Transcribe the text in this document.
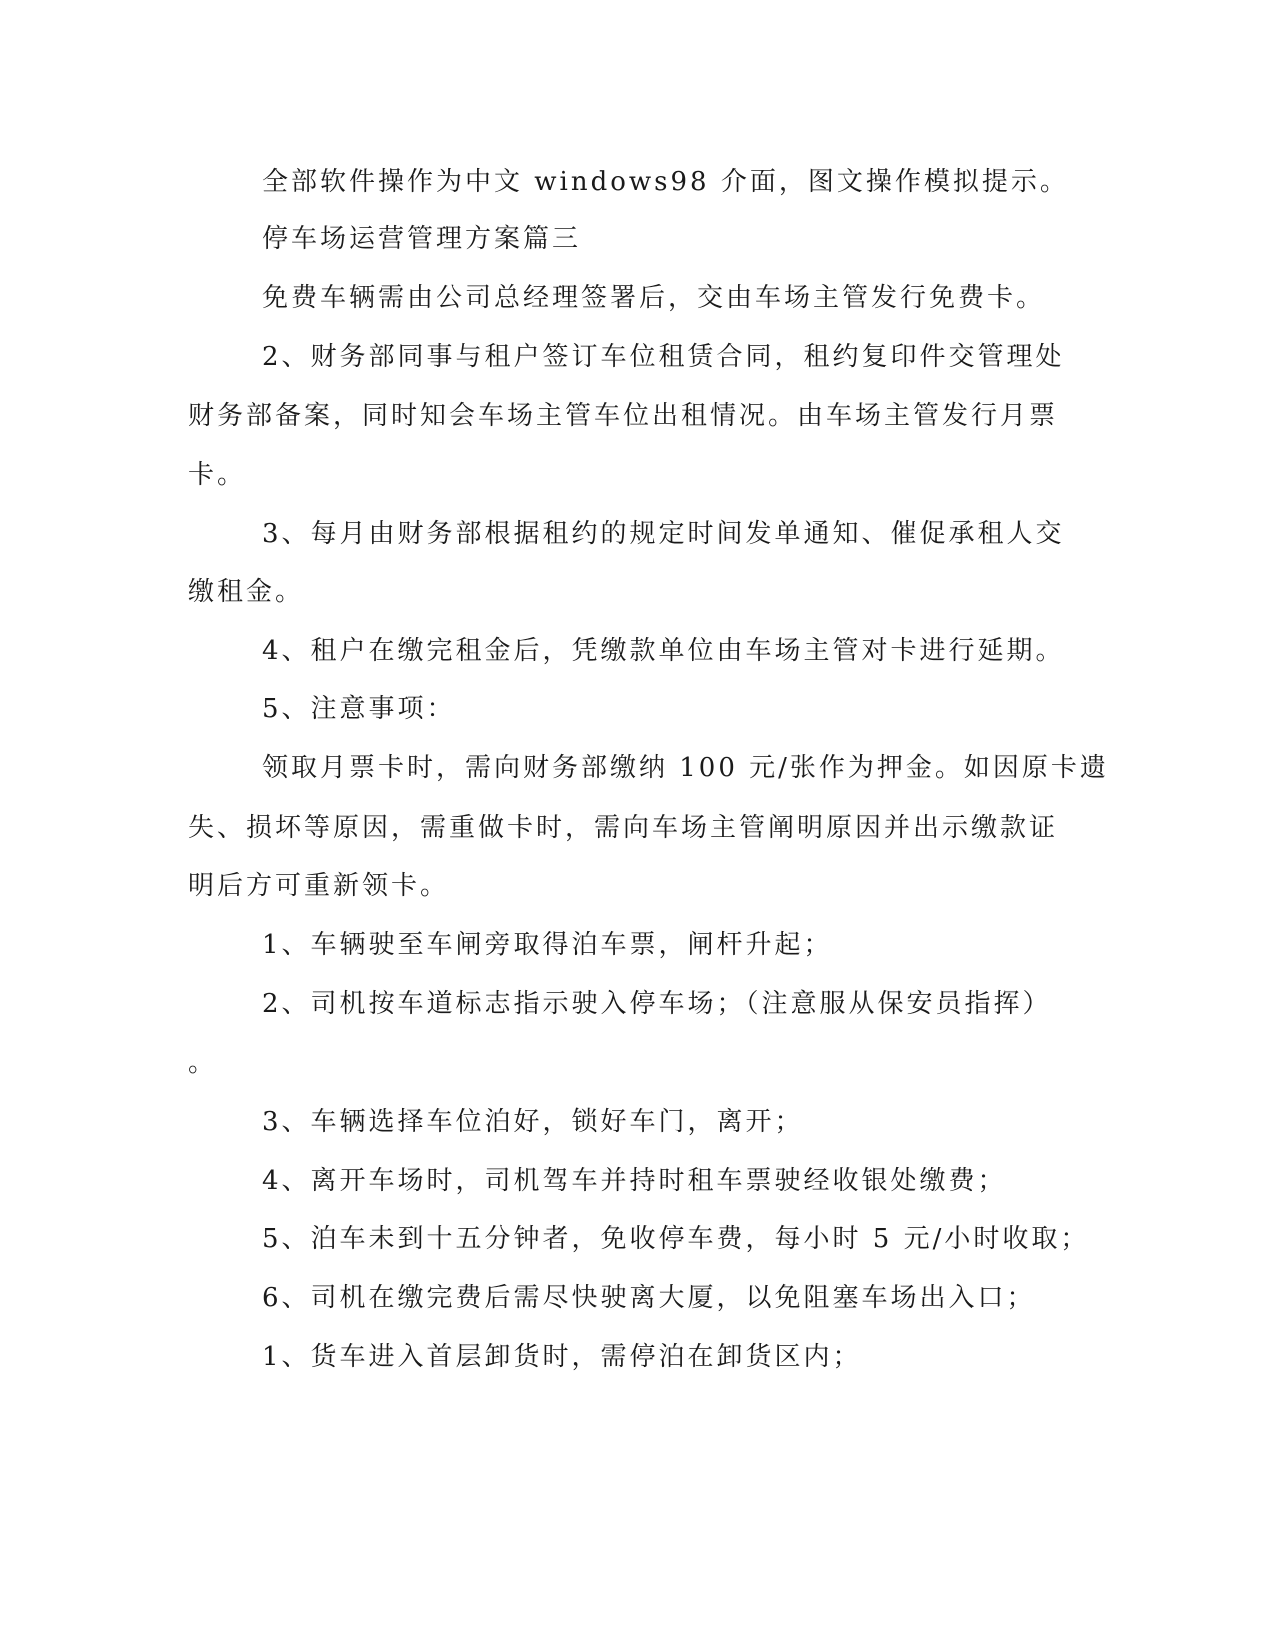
全部软件操作为中文 windows98 介面，图文操作模拟提示。
停车场运营管理方案篇三
免费车辆需由公司总经理签署后，交由车场主管发行免费卡。
2、财务部同事与租户签订车位租赁合同，租约复印件交管理处
财务部备案，同时知会车场主管车位出租情况。由车场主管发行月票
卡。
3、每月由财务部根据租约的规定时间发单通知、催促承租人交
缴租金。
4、租户在缴完租金后，凭缴款单位由车场主管对卡进行延期。
5、注意事项：
领取月票卡时，需向财务部缴纳 100 元/张作为押金。如因原卡遗
失、损坏等原因，需重做卡时，需向车场主管阐明原因并出示缴款证
明后方可重新领卡。
1、车辆驶至车闸旁取得泊车票，闸杆升起；
2、司机按车道标志指示驶入停车场；（注意服从保安员指挥）
。
3、车辆选择车位泊好，锁好车门，离开；
4、离开车场时，司机驾车并持时租车票驶经收银处缴费；
5、泊车未到十五分钟者，免收停车费，每小时 5 元/小时收取；
6、司机在缴完费后需尽快驶离大厦，以免阻塞车场出入口；
1、货车进入首层卸货时，需停泊在卸货区内；
